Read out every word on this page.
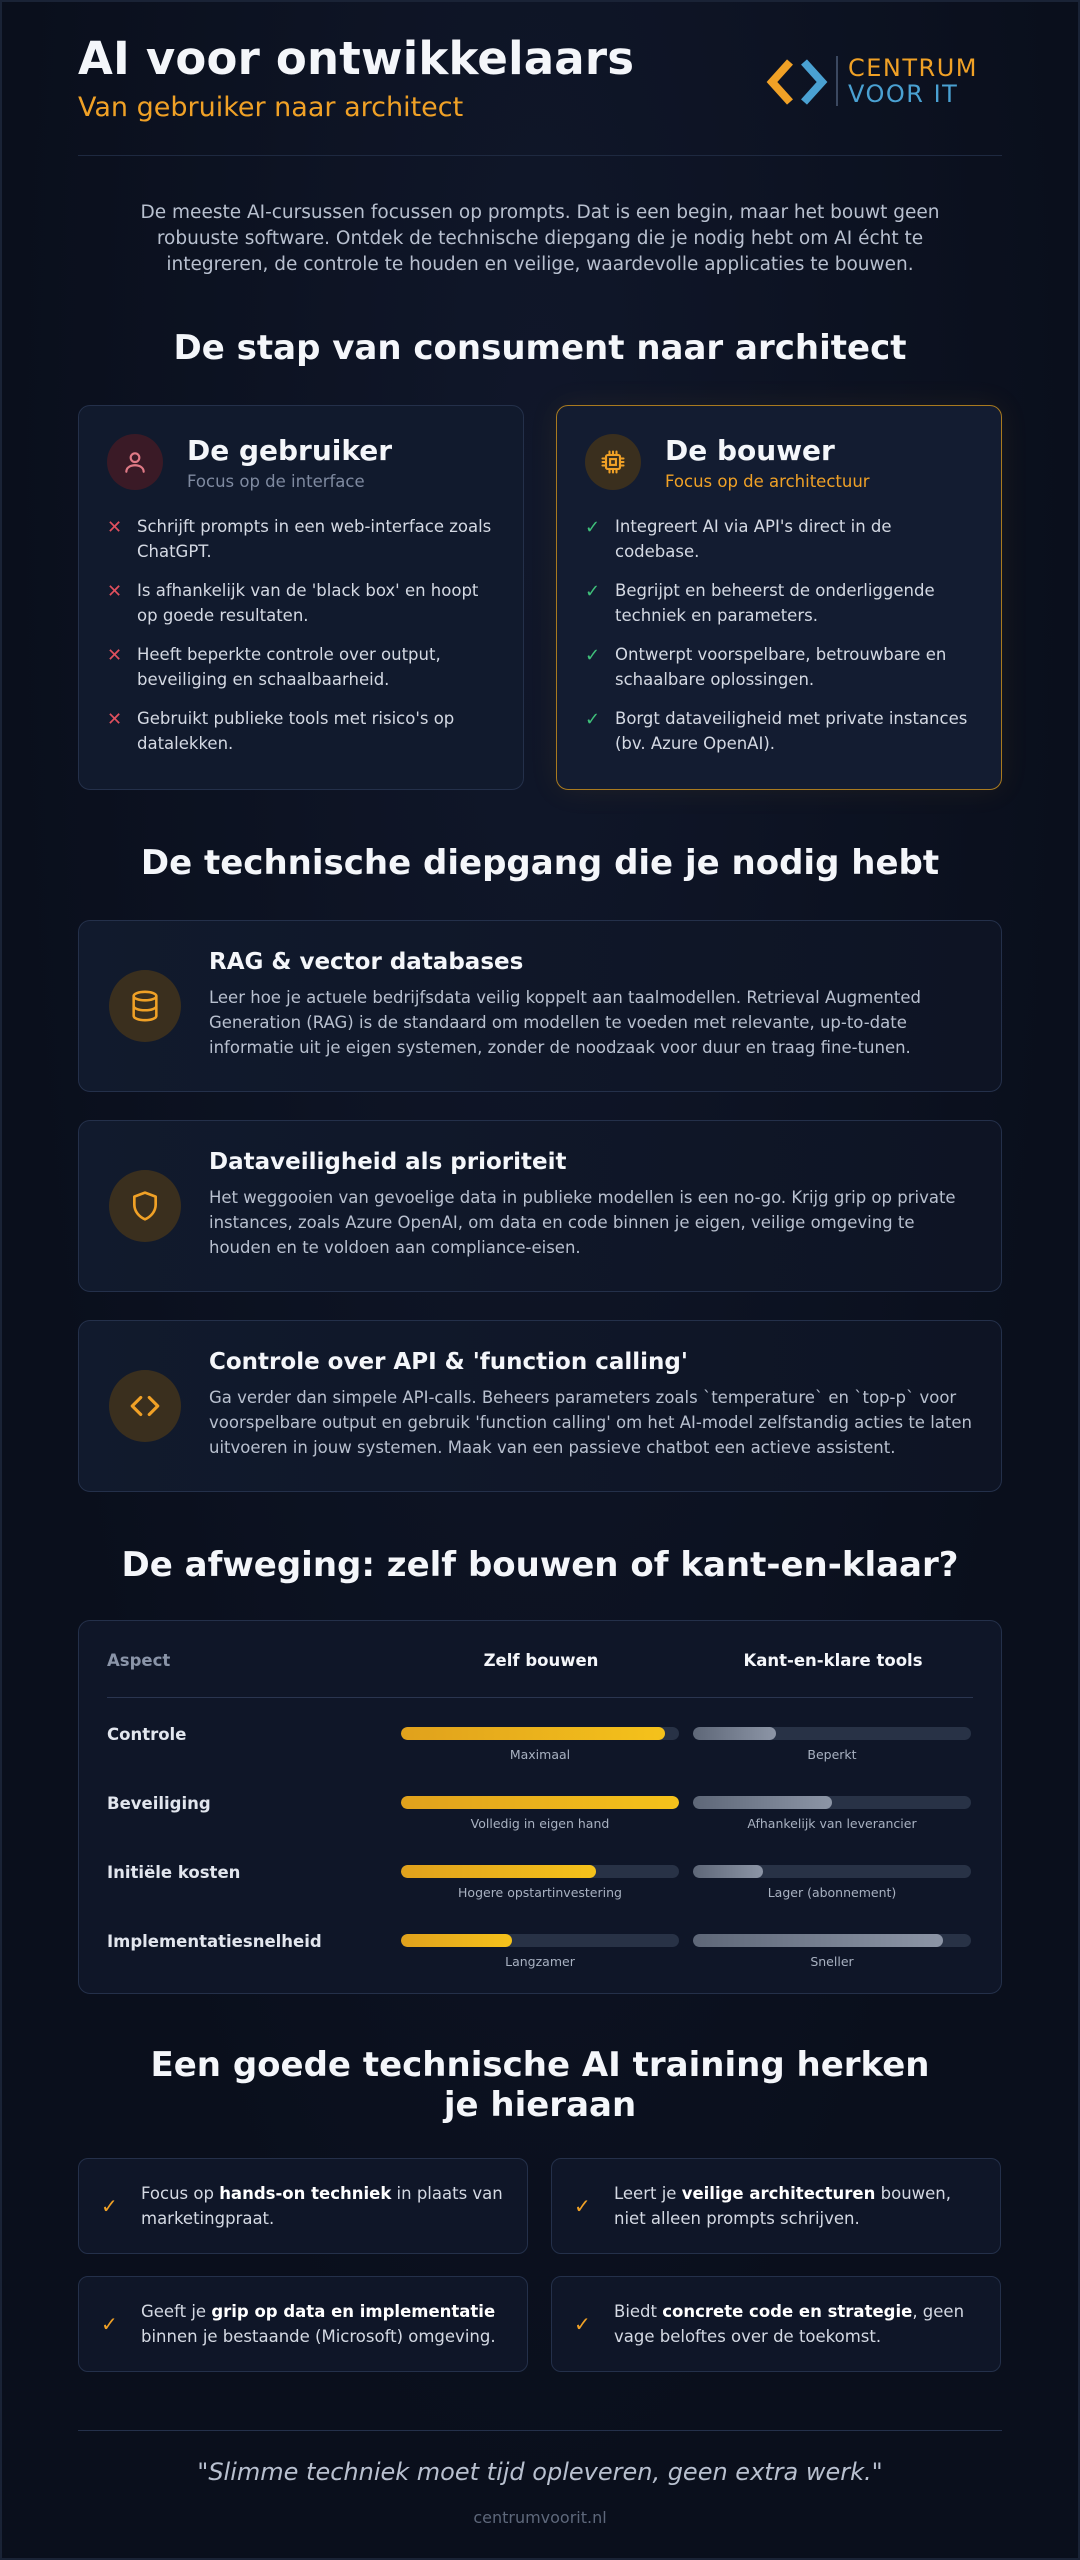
AI voor ontwikkelaars
Van gebruiker naar architect
CENTRUM
VOOR IT
De meeste AI-cursussen focussen op prompts. Dat is een begin, maar het bouwt geen robuuste software. Ontdek de technische diepgang die je nodig hebt om AI écht te integreren, de controle te houden en veilige, waardevolle applicaties te bouwen.
De stap van consument naar architect
De gebruiker
Focus op de interface
✕ Schrijft prompts in een web-interface zoals ChatGPT.
✕ Is afhankelijk van de 'black box' en hoopt op goede resultaten.
✕ Heeft beperkte controle over output, beveiliging en schaalbaarheid.
✕ Gebruikt publieke tools met risico's op datalekken.
De bouwer
Focus op de architectuur
✓ Integreert AI via API's direct in de codebase.
✓ Begrijpt en beheerst de onderliggende techniek en parameters.
✓ Ontwerpt voorspelbare, betrouwbare en schaalbare oplossingen.
✓ Borgt dataveiligheid met private instances (bv. Azure OpenAI).
De technische diepgang die je nodig hebt
RAG & vector databases
Leer hoe je actuele bedrijfsdata veilig koppelt aan taalmodellen. Retrieval Augmented Generation (RAG) is de standaard om modellen te voeden met relevante, up-to-date informatie uit je eigen systemen, zonder de noodzaak voor duur en traag fine-tunen.
Dataveiligheid als prioriteit
Het weggooien van gevoelige data in publieke modellen is een no-go. Krijg grip op private instances, zoals Azure OpenAI, om data en code binnen je eigen, veilige omgeving te houden en te voldoen aan compliance-eisen.
Controle over API & 'function calling'
Ga verder dan simpele API-calls. Beheers parameters zoals `temperature` en `top-p` voor voorspelbare output en gebruik 'function calling' om het AI-model zelfstandig acties te laten uitvoeren in jouw systemen. Maak van een passieve chatbot een actieve assistent.
De afweging: zelf bouwen of kant-en-klaar?
Aspect	Zelf bouwen	Kant-en-klare tools
Controle
Maximaal	Beperkt
Beveiliging
Volledig in eigen hand	Afhankelijk van leverancier
Initiële kosten
Hogere opstartinvestering	Lager (abonnement)
Implementatiesnelheid
Langzamer	Sneller
Een goede technische AI training herken je hieraan
✓
Focus op hands-on techniek in plaats van marketingpraat.
✓
Leert je veilige architecturen bouwen, niet alleen prompts schrijven.
✓
Geeft je grip op data en implementatie binnen je bestaande (Microsoft) omgeving.
✓
Biedt concrete code en strategie, geen vage beloftes over de toekomst.
"Slimme techniek moet tijd opleveren, geen extra werk."
centrumvoorit.nl
